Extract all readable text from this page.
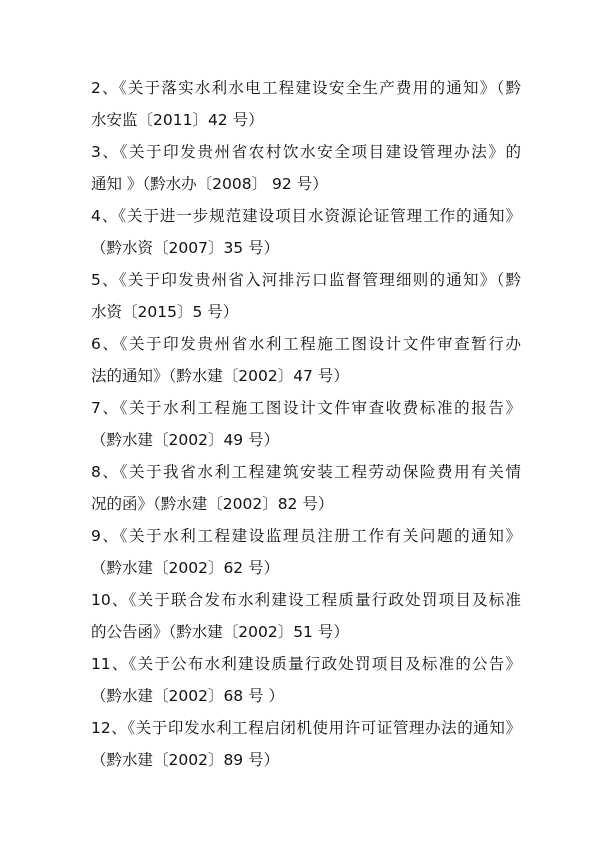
2、《关于落实水利水电工程建设安全生产费用的通知》（黔
水安监〔2011〕42 号）
3、《关于印发贵州省农村饮水安全项目建设管理办法》的
通知 》（黔水办〔2008〕 92 号）
4、《关于进一步规范建设项目水资源论证管理工作的通知》
（黔水资〔2007〕35 号）
5、《关于印发贵州省入河排污口监督管理细则的通知》（黔
水资〔2015〕5 号）
6、《关于印发贵州省水利工程施工图设计文件审查暂行办
法的通知》（黔水建〔2002〕47 号）
7、《关于水利工程施工图设计文件审查收费标准的报告》
（黔水建〔2002〕49 号）
8、《关于我省水利工程建筑安装工程劳动保险费用有关情
况的函》（黔水建〔2002〕82 号）
9、《关于水利工程建设监理员注册工作有关问题的通知》
（黔水建〔2002〕62 号）
10、《关于联合发布水利建设工程质量行政处罚项目及标准
的公告函》（黔水建〔2002〕51 号）
11、《关于公布水利建设质量行政处罚项目及标准的公告》
（黔水建〔2002〕68 号 ）
12、《关于印发水利工程启闭机使用许可证管理办法的通知》
（黔水建〔2002〕89 号）
